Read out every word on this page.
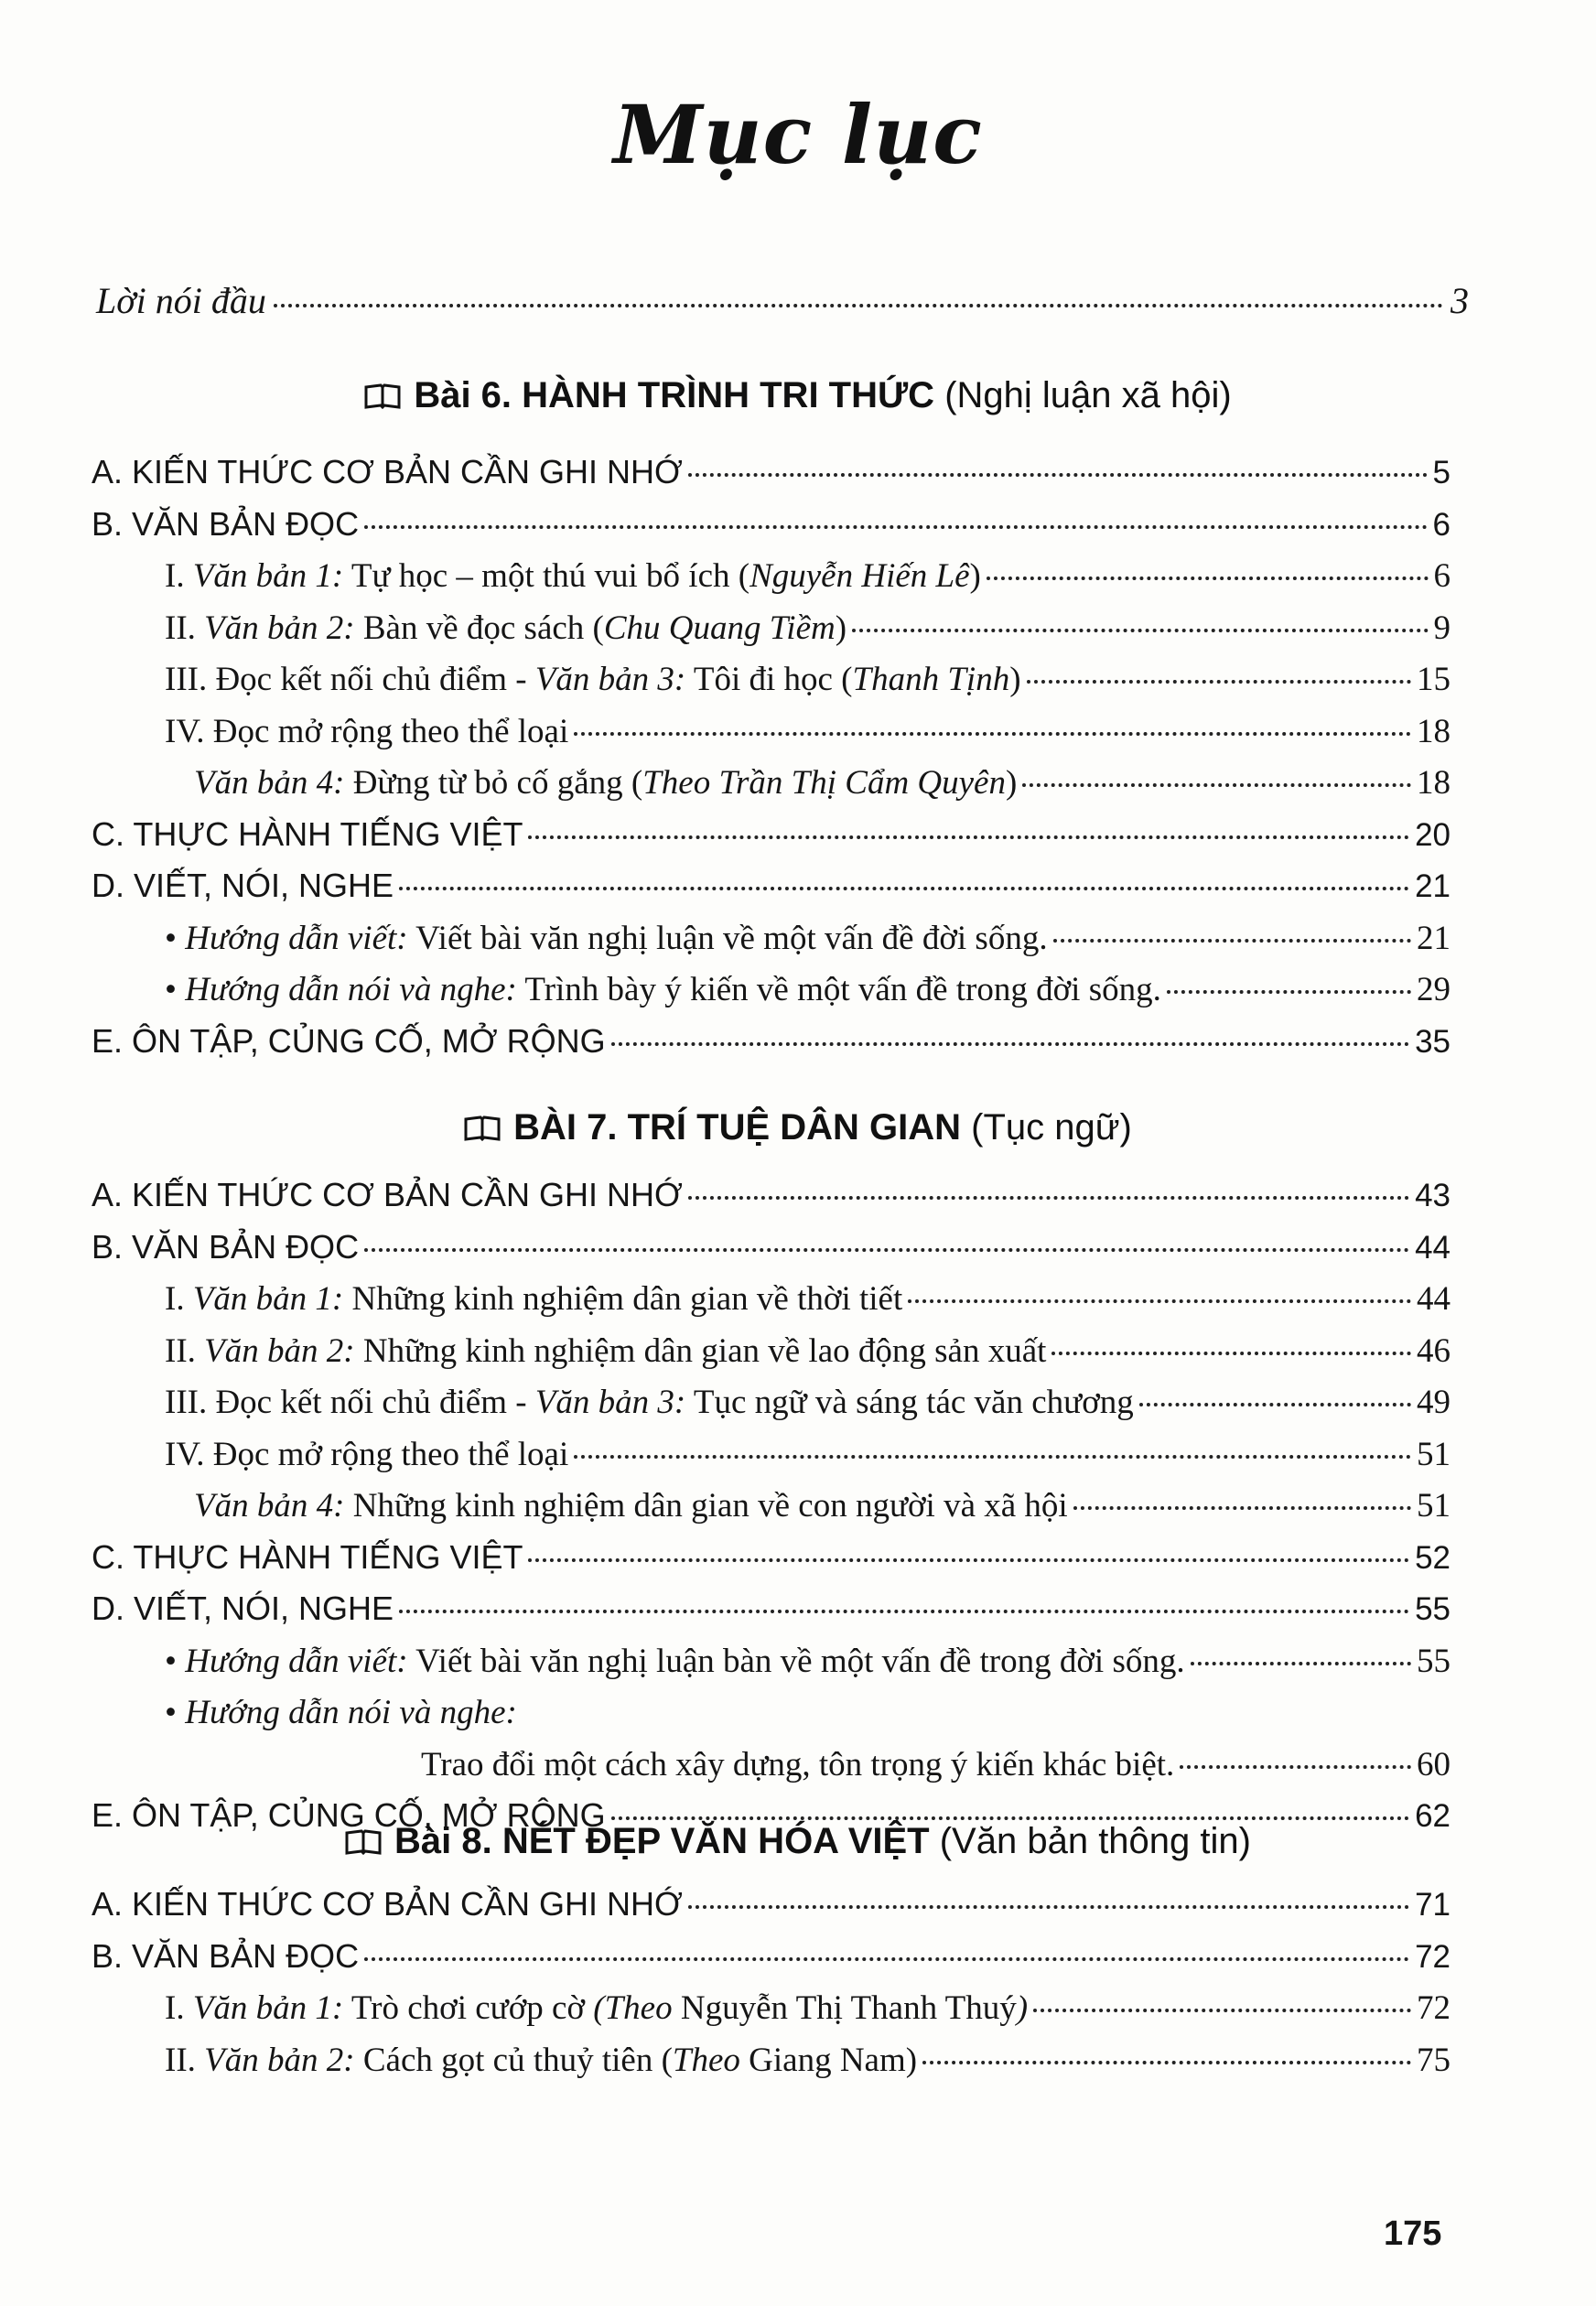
Mục lục
Lời nói đầu	3
Bài 6. HÀNH TRÌNH TRI THỨC (Nghị luận xã hội)
A. KIẾN THỨC CƠ BẢN CẦN GHI NHỚ	5
B. VĂN BẢN ĐỌC	6
I. Văn bản 1: Tự học – một thú vui bổ ích (Nguyễn Hiến Lê)	6
II. Văn bản 2: Bàn về đọc sách (Chu Quang Tiềm)	9
III. Đọc kết nối chủ điểm - Văn bản 3: Tôi đi học (Thanh Tịnh)	15
IV. Đọc mở rộng theo thể loại	18
Văn bản 4: Đừng từ bỏ cố gắng (Theo Trần Thị Cẩm Quyên)	18
C. THỰC HÀNH TIẾNG VIỆT	20
D. VIẾT, NÓI, NGHE	21
• Hướng dẫn viết: Viết bài văn nghị luận về một vấn đề đời sống.	21
• Hướng dẫn nói và nghe: Trình bày ý kiến về một vấn đề trong đời sống.	29
E. ÔN TẬP, CỦNG CỐ, MỞ RỘNG	35
BÀI 7. TRÍ TUỆ DÂN GIAN (Tục ngữ)
A. KIẾN THỨC CƠ BẢN CẦN GHI NHỚ	43
B. VĂN BẢN ĐỌC	44
I. Văn bản 1: Những kinh nghiệm dân gian về thời tiết	44
II. Văn bản 2: Những kinh nghiệm dân gian về lao động sản xuất	46
III. Đọc kết nối chủ điểm - Văn bản 3: Tục ngữ và sáng tác văn chương	49
IV. Đọc mở rộng theo thể loại	51
Văn bản 4: Những kinh nghiệm dân gian về con người và xã hội	51
C. THỰC HÀNH TIẾNG VIỆT	52
D. VIẾT, NÓI, NGHE	55
• Hướng dẫn viết: Viết bài văn nghị luận bàn về một vấn đề trong đời sống.	55
• Hướng dẫn nói và nghe:
Trao đổi một cách xây dựng, tôn trọng ý kiến khác biệt.	60
E. ÔN TẬP, CỦNG CỐ, MỞ RỘNG	62
Bài 8. NÉT ĐẸP VĂN HÓA VIỆT (Văn bản thông tin)
A. KIẾN THỨC CƠ BẢN CẦN GHI NHỚ	71
B. VĂN BẢN ĐỌC	72
I. Văn bản 1: Trò chơi cướp cờ (Theo Nguyễn Thị Thanh Thuý)	72
II. Văn bản 2: Cách gọt củ thuỷ tiên (Theo Giang Nam)	75
175
